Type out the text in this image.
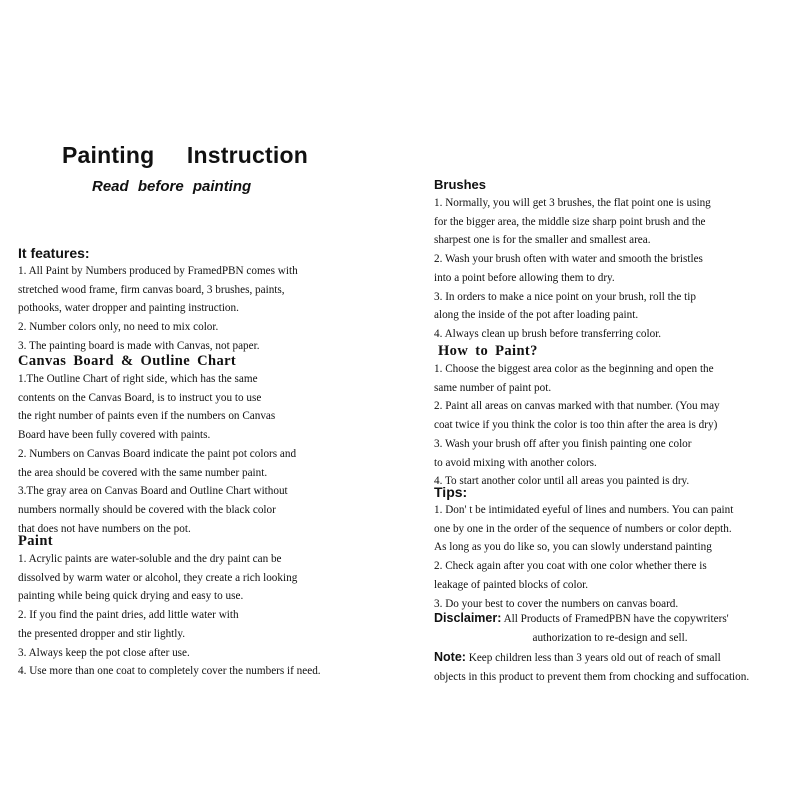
Painting Instruction
Read before painting
It features:
1. All Paint by Numbers produced by FramedPBN comes with
stretched wood frame, firm canvas board, 3 brushes, paints,
pothooks, water dropper and painting instruction.
2. Number colors only, no need to mix color.
3. The painting board is made with Canvas, not paper.
Canvas Board & Outline Chart
1.The Outline Chart of right side, which has the same
contents on the Canvas Board, is to instruct you to use
the right number of paints even if the numbers on Canvas
Board have been fully covered with paints.
2. Numbers on Canvas Board indicate the paint pot colors and
the area should be covered with the same number paint.
3.The gray area on Canvas Board and Outline Chart without
numbers normally should be covered with the black color
that does not have numbers on the pot.
Paint
1. Acrylic paints are water-soluble and the dry paint can be
dissolved by warm water or alcohol, they create a rich looking
painting while being quick drying and easy to use.
2. If you find the paint dries, add little water with
the presented dropper and stir lightly.
3. Always keep the pot close after use.
4. Use more than one coat to completely cover the numbers if need.
Brushes
1. Normally, you will get 3 brushes, the flat point one is using
for the bigger area, the middle size sharp point brush and the
sharpest one is for the smaller and smallest area.
2. Wash your brush often with water and smooth the bristles
into a point before allowing them to dry.
3. In orders to make a nice point on your brush, roll the tip
along the inside of the pot after loading paint.
4. Always clean up brush before transferring color.
How to Paint?
1. Choose the biggest area color as the beginning and open the
same number of paint pot.
2. Paint all areas on canvas marked with that number. (You may
coat twice if you think the color is too thin after the area is dry)
3. Wash your brush off after you finish painting one color
to avoid mixing with another colors.
4. To start another color until all areas you painted is dry.
Tips:
1. Don' t be intimidated eyeful of lines and numbers. You can paint
one by one in the order of the sequence of numbers or color depth.
As long as you do like so, you can slowly understand painting
2. Check again after you coat with one color whether there is
leakage of painted blocks of color.
3. Do your best to cover the numbers on canvas board.
Disclaimer: All Products of FramedPBN have the copywriters'
authorization to re-design and sell.
Note: Keep children less than 3 years old out of reach of small
objects in this product to prevent them from chocking and suffocation.
